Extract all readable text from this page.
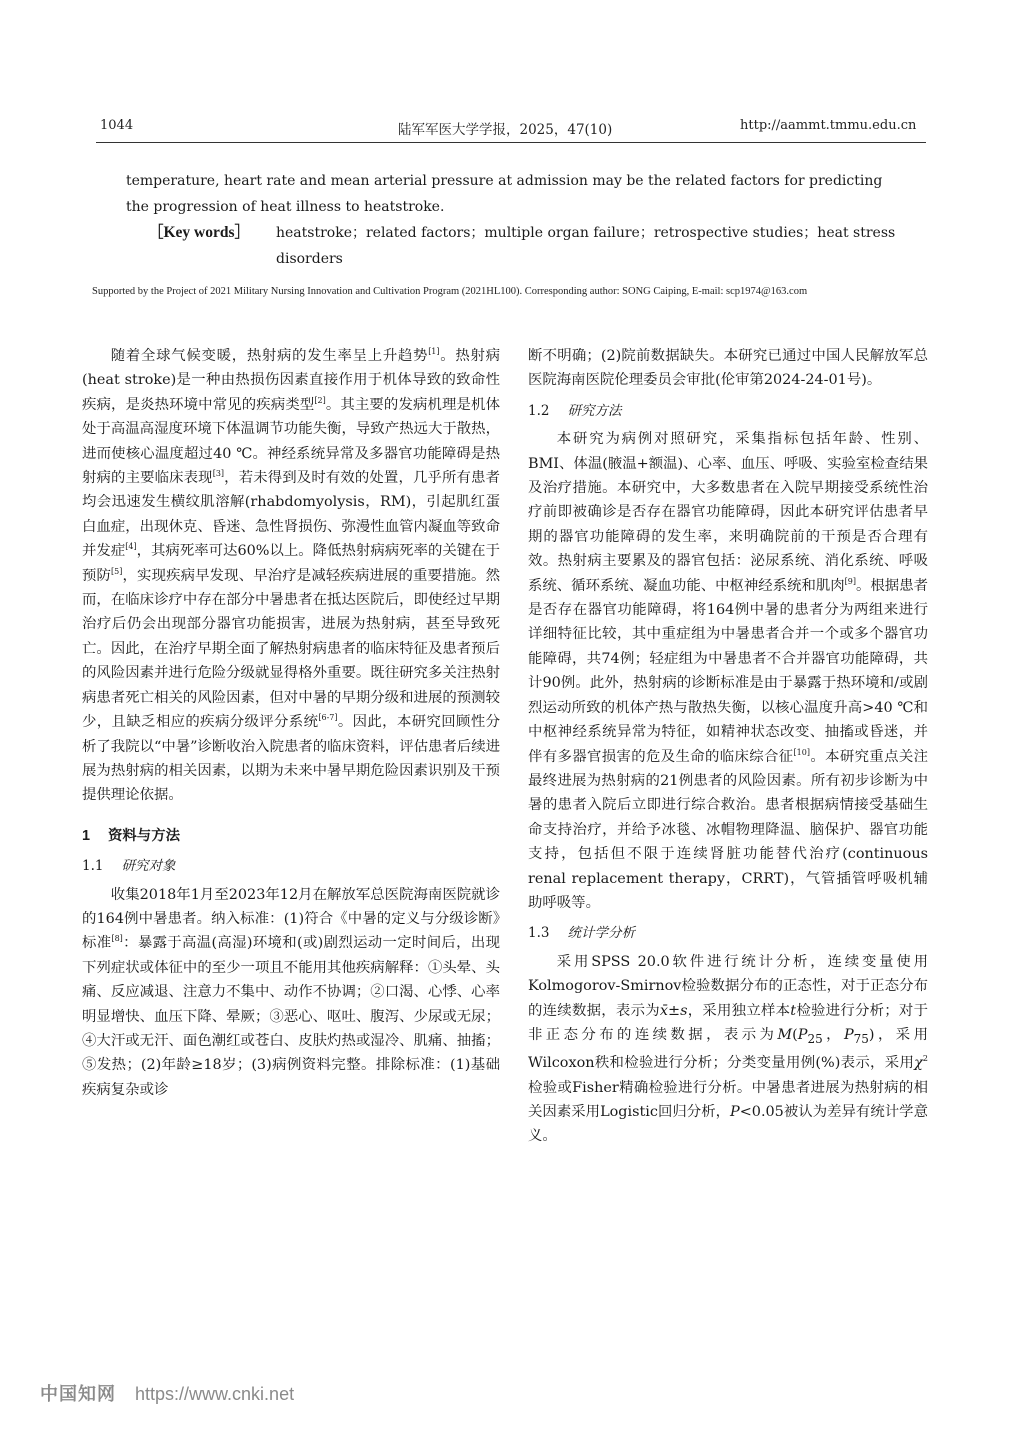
1044	陆军军医大学学报，2025，47(10)	http://aammt.tmmu.edu.cn
temperature, heart rate and mean arterial pressure at admission may be the related factors for predicting the progression of heat illness to heatstroke.
［Key words］ heatstroke；related factors；multiple organ failure；retrospective studies；heat stress disorders
Supported by the Project of 2021 Military Nursing Innovation and Cultivation Program (2021HL100). Corresponding author: SONG Caiping, E-mail: scp1974@163.com

随着全球气候变暖，热射病的发生率呈上升趋势[1]。热射病(heat stroke)是一种由热损伤因素直接作用于机体导致的致命性疾病，是炎热环境中常见的疾病类型[2]。其主要的发病机理是机体处于高温高湿度环境下体温调节功能失衡，导致产热远大于散热，进而使核心温度超过40 ℃。神经系统异常及多器官功能障碍是热射病的主要临床表现[3]，若未得到及时有效的处置，几乎所有患者均会迅速发生横纹肌溶解(rhabdomyolysis，RM)，引起肌红蛋白血症，出现休克、昏迷、急性肾损伤、弥漫性血管内凝血等致命并发症[4]，其病死率可达60%以上。降低热射病病死率的关键在于预防[5]，实现疾病早发现、早治疗是减轻疾病进展的重要措施。然而，在临床诊疗中存在部分中暑患者在抵达医院后，即使经过早期治疗后仍会出现部分器官功能损害，进展为热射病，甚至导致死亡。因此，在治疗早期全面了解热射病患者的临床特征及患者预后的风险因素并进行危险分级就显得格外重要。既往研究多关注热射病患者死亡相关的风险因素，但对中暑的早期分级和进展的预测较少，且缺乏相应的疾病分级评分系统[6-7]。因此，本研究回顾性分析了我院以“中暑”诊断收治入院患者的临床资料，评估患者后续进展为热射病的相关因素，以期为未来中暑早期危险因素识别及干预提供理论依据。

1 资料与方法
1.1 研究对象

收集2018年1月至2023年12月在解放军总医院海南医院就诊的164例中暑患者。纳入标准：(1)符合《中暑的定义与分级诊断》标准[8]：暴露于高温(高湿)环境和(或)剧烈运动一定时间后，出现下列症状或体征中的至少一项且不能用其他疾病解释：①头晕、头痛、反应减退、注意力不集中、动作不协调；②口渴、心悸、心率明显增快、血压下降、晕厥；③恶心、呕吐、腹泻、少尿或无尿；④大汗或无汗、面色潮红或苍白、皮肤灼热或湿冷、肌痛、抽搐；⑤发热；(2)年龄≥18岁；(3)病例资料完整。排除标准：(1)基础疾病复杂或诊

断不明确；(2)院前数据缺失。本研究已通过中国人民解放军总医院海南医院伦理委员会审批(伦审第2024-24-01号)。

1.2 研究方法

本研究为病例对照研究，采集指标包括年龄、性别、BMI、体温(腋温+额温)、心率、血压、呼吸、实验室检查结果及治疗措施。本研究中，大多数患者在入院早期接受系统性治疗前即被确诊是否存在器官功能障碍，因此本研究评估患者早期的器官功能障碍的发生率，来明确院前的干预是否合理有效。热射病主要累及的器官包括：泌尿系统、消化系统、呼吸系统、循环系统、凝血功能、中枢神经系统和肌肉[9]。根据患者是否存在器官功能障碍，将164例中暑的患者分为两组来进行详细特征比较，其中重症组为中暑患者合并一个或多个器官功能障碍，共74例；轻症组为中暑患者不合并器官功能障碍，共计90例。此外，热射病的诊断标准是由于暴露于热环境和/或剧烈运动所致的机体产热与散热失衡，以核心温度升高>40 ℃和中枢神经系统异常为特征，如精神状态改变、抽搐或昏迷，并伴有多器官损害的危及生命的临床综合征[10]。本研究重点关注最终进展为热射病的21例患者的风险因素。所有初步诊断为中暑的患者入院后立即进行综合救治。患者根据病情接受基础生命支持治疗，并给予冰毯、冰帽物理降温、脑保护、器官功能支持，包括但不限于连续肾脏功能替代治疗(continuous renal replacement therapy，CRRT)，气管插管呼吸机辅助呼吸等。

1.3 统计学分析

采用SPSS 20.0软件进行统计分析，连续变量使用Kolmogorov-Smirnov检验数据分布的正态性，对于正态分布的连续数据，表示为x̄±s，采用独立样本t检验进行分析；对于非正态分布的连续数据，表示为$M(P_{25}$，$P_{75}$)，采用Wilcoxon秩和检验进行分析；分类变量用例(%)表示，采用$\chi^2$检验或Fisher精确检验进行分析。中暑患者进展为热射病的相关因素采用Logistic回归分析，P<0.05被认为差异有统计学意义。

中国知网 https://www.cnki.net
